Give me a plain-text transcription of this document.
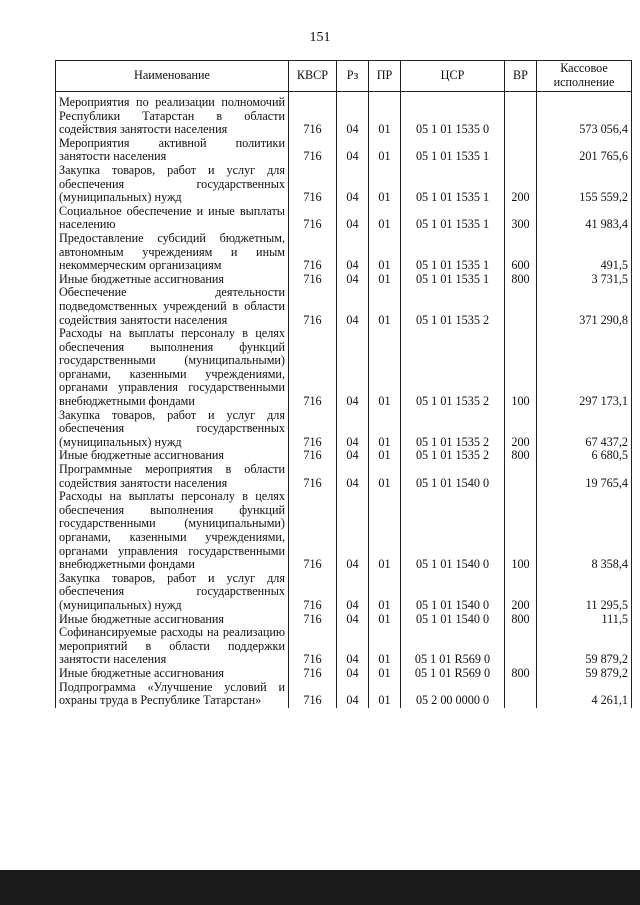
151
Наименование	КВСР	Рз	ПР	ЦСР	ВР	Кассовое исполнение
Мероприятия по реализации полномочий Республики Татарстан в области содействия занятости населения	716	04	01	05 1 01 1535 0		573 056,4
Мероприятия активной политики занятости населения	716	04	01	05 1 01 1535 1		201 765,6
Закупка товаров, работ и услуг для обеспечения государственных (муниципальных) нужд	716	04	01	05 1 01 1535 1	200	155 559,2
Социальное обеспечение и иные выплаты населению	716	04	01	05 1 01 1535 1	300	41 983,4
Предоставление субсидий бюджетным, автономным учреждениям и иным некоммерческим организациям	716	04	01	05 1 01 1535 1	600	491,5
Иные бюджетные ассигнования	716	04	01	05 1 01 1535 1	800	3 731,5
Обеспечение деятельности подведомственных учреждений в области содействия занятости населения	716	04	01	05 1 01 1535 2		371 290,8
Расходы на выплаты персоналу в целях обеспечения выполнения функций государственными (муниципальными) органами, казенными учреждениями, органами управления государственными внебюджетными фондами	716	04	01	05 1 01 1535 2	100	297 173,1
Закупка товаров, работ и услуг для обеспечения государственных (муниципальных) нужд	716	04	01	05 1 01 1535 2	200	67 437,2
Иные бюджетные ассигнования	716	04	01	05 1 01 1535 2	800	6 680,5
Программные мероприятия в области содействия занятости населения	716	04	01	05 1 01 1540 0		19 765,4
Расходы на выплаты персоналу в целях обеспечения выполнения функций государственными (муниципальными) органами, казенными учреждениями, органами управления государственными внебюджетными фондами	716	04	01	05 1 01 1540 0	100	8 358,4
Закупка товаров, работ и услуг для обеспечения государственных (муниципальных) нужд	716	04	01	05 1 01 1540 0	200	11 295,5
Иные бюджетные ассигнования	716	04	01	05 1 01 1540 0	800	111,5
Софинансируемые расходы на реализацию мероприятий в области поддержки занятости населения	716	04	01	05 1 01 R569 0		59 879,2
Иные бюджетные ассигнования	716	04	01	05 1 01 R569 0	800	59 879,2
Подпрограмма «Улучшение условий и охраны труда в Республике Татарстан»	716	04	01	05 2 00 0000 0		4 261,1
